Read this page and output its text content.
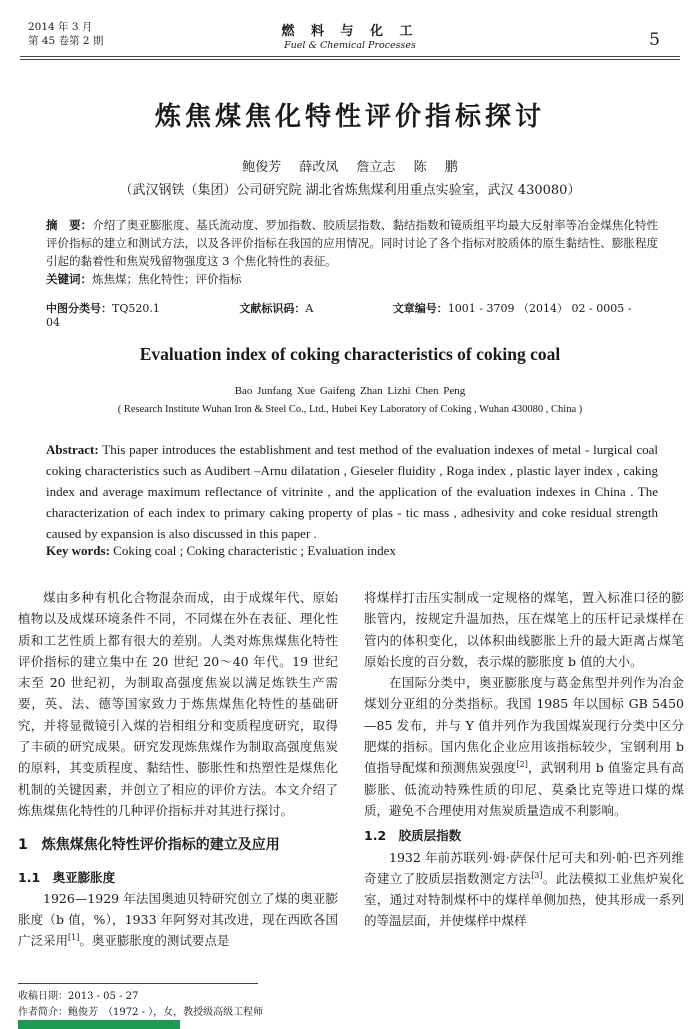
2014 年 3 月
第 45 卷第 2 期
燃 料 与 化 工
Fuel & Chemical Processes	5
炼焦煤焦化特性评价指标探讨
鲍俊芳 薛改凤 詹立志 陈 鹏
（武汉钢铁（集团）公司研究院 湖北省炼焦煤利用重点实验室，武汉 430080）
摘　要：介绍了奥亚膨胀度、基氏流动度、罗加指数、胶质层指数、黏结指数和镜质组平均最大反射率等冶金煤焦化特性评价指标的建立和测试方法，以及各评价指标在我国的应用情况。同时讨论了各个指标对胶质体的原生黏结性、膨胀程度引起的黏着性和焦炭残留物强度这 3 个焦化特性的表征。
关键词：炼焦煤；焦化特性；评价指标
中图分类号：TQ520.1	文献标识码：A	文章编号：1001 - 3709 （2014） 02 - 0005 - 04
Evaluation index of coking characteristics of coking coal
Bao Junfang Xue Gaifeng Zhan Lizhi Chen Peng
( Research Institute Wuhan Iron & Steel Co., Ltd., Hubei Key Laboratory of Coking , Wuhan 430080 , China )
Abstract: This paper introduces the establishment and test method of the evaluation indexes of metal - lurgical coal coking characteristics such as Audibert –Arnu dilatation , Gieseler fluidity , Roga index , plastic layer index , caking index and average maximum reflectance of vitrinite , and the application of the evaluation indexes in China . The characterization of each index to primary caking property of plas - tic mass , adhesivity and coke residual strength caused by expansion is also discussed in this paper .
Key words: Coking coal ; Coking characteristic ; Evaluation index

煤由多种有机化合物混杂而成，由于成煤年代、原始植物以及成煤环境条件不同，不同煤在外在表征、理化性质和工艺性质上都有很大的差别。人类对炼焦煤焦化特性评价指标的建立集中在 20 世纪 20～40 年代。19 世纪末至 20 世纪初，为制取高强度焦炭以满足炼铁生产需要，英、法、德等国家致力于炼焦煤焦化特性的基础研究，并将显微镜引入煤的岩相组分和变质程度研究，取得了丰硕的研究成果。研究发现炼焦煤作为制取高强度焦炭的原料，其变质程度、黏结性、膨胀性和热塑性是煤焦化机制的关键因素，并创立了相应的评价方法。本文介绍了炼焦煤焦化特性的几种评价指标并对其进行探讨。

1　炼焦煤焦化特性评价指标的建立及应用
1.1　奥亚膨胀度

1926—1929 年法国奥迪贝特研究创立了煤的奥亚膨胀度（b 值，%），1933 年阿努对其改进，现在西欧各国广泛采用[1]。奥亚膨胀度的测试要点是

将煤样打击压实制成一定规格的煤笔，置入标准口径的膨胀管内，按规定升温加热，压在煤笔上的压杆记录煤样在管内的体积变化，以体积曲线膨胀上升的最大距离占煤笔原始长度的百分数，表示煤的膨胀度 b 值的大小。

在国际分类中，奥亚膨胀度与葛金焦型并列作为冶金煤划分亚组的分类指标。我国 1985 年以国标 GB 5450—85 发布，并与 Y 值并列作为我国煤炭现行分类中区分肥煤的指标。国内焦化企业应用该指标较少，宝钢利用 b 值指导配煤和预测焦炭强度[2]，武钢利用 b 值鉴定具有高膨胀、低流动特殊性质的印尼、莫桑比克等进口煤的煤质，避免不合理使用对焦炭质量造成不利影响。

1.2　胶质层指数

1932 年前苏联列·姆·萨保什尼可夫和列·帕·巴齐列维奇建立了胶质层指数测定方法[3]。此法模拟工业焦炉炭化室，通过对特制煤杯中的煤样单侧加热，使其形成一系列的等温层面，并使煤样中煤样

收稿日期：2013 - 05 - 27
作者简介：鲍俊芳　（1972 - ），女，教授级高级工程师
